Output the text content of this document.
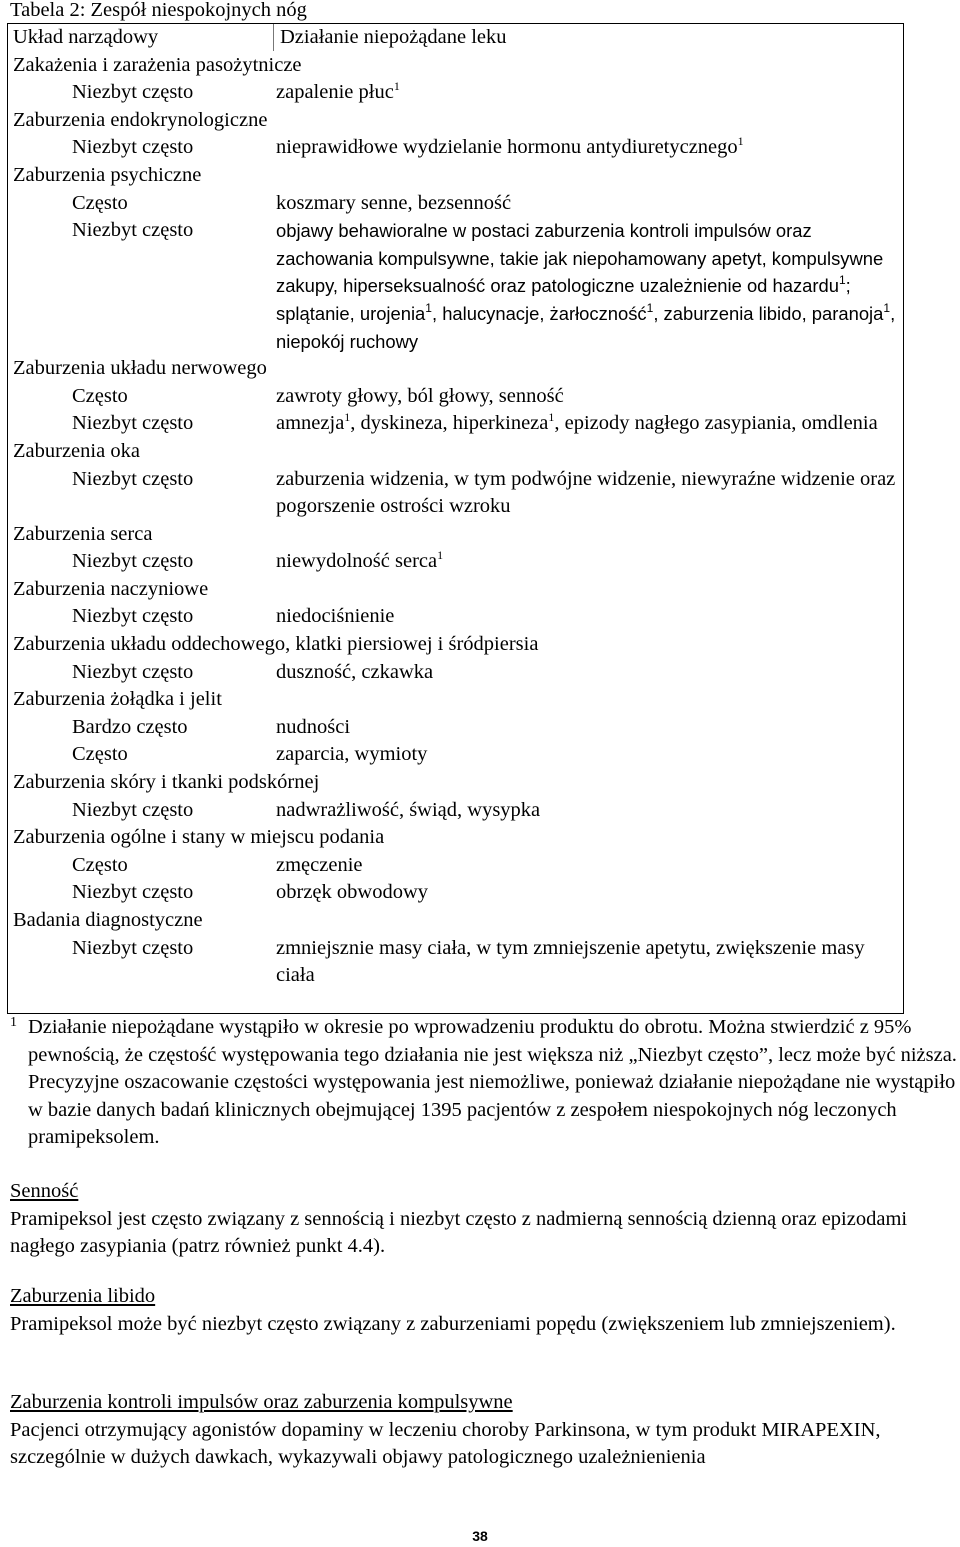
Tabela 2: Zespół niespokojnych nóg
Układ narządowy	Działanie niepożądane leku
Zakażenia i zarażenia pasożytnicze
Niezbyt często	zapalenie płuc$^1$
Zaburzenia endokrynologiczne
Niezbyt często	nieprawidłowe wydzielanie hormonu antydiuretycznego$^1$
Zaburzenia psychiczne
Często	koszmary senne, bezsenność
Niezbyt często	objawy behawioralne w postaci zaburzenia kontroli impulsów oraz zachowania kompulsywne, takie jak niepohamowany apetyt, kompulsywne zakupy, hiperseksualność oraz patologiczne uzależnienie od hazardu$^1$; splątanie, urojenia$^1$, halucynacje, żarłoczność$^1$, zaburzenia libido, paranoja$^1$, niepokój ruchowy
Zaburzenia układu nerwowego
Często	zawroty głowy, ból głowy, senność
Niezbyt często	amnezja$^1$, dyskineza, hiperkineza$^1$, epizody nagłego zasypiania, omdlenia
Zaburzenia oka
Niezbyt często	zaburzenia widzenia, w tym podwójne widzenie, niewyraźne widzenie oraz pogorszenie ostrości wzroku
Zaburzenia serca
Niezbyt często	niewydolność serca$^1$
Zaburzenia naczyniowe
Niezbyt często	niedociśnienie
Zaburzenia układu oddechowego, klatki piersiowej i śródpiersia
Niezbyt często	duszność, czkawka
Zaburzenia żołądka i jelit
Bardzo często	nudności
Często	zaparcia, wymioty
Zaburzenia skóry i tkanki podskórnej
Niezbyt często	nadwrażliwość, świąd, wysypka
Zaburzenia ogólne i stany w miejscu podania
Często	zmęczenie
Niezbyt często	obrzęk obwodowy
Badania diagnostyczne
Niezbyt często	zmniejsznie masy ciała, w tym zmniejszenie apetytu, zwiększenie masy ciała
1 Działanie niepożądane wystąpiło w okresie po wprowadzeniu produktu do obrotu. Można stwierdzić z 95% pewnością, że częstość występowania tego działania nie jest większa niż „Niezbyt często”, lecz może być niższa. Precyzyjne oszacowanie częstości występowania jest niemożliwe, ponieważ działanie niepożądane nie wystąpiło w bazie danych badań klinicznych obejmującej 1395 pacjentów z zespołem niespokojnych nóg leczonych pramipeksolem.
Senność
Pramipeksol jest często związany z sennością i niezbyt często z nadmierną sennością dzienną oraz epizodami nagłego zasypiania (patrz również punkt 4.4).
Zaburzenia libido
Pramipeksol może być niezbyt często związany z zaburzeniami popędu (zwiększeniem lub zmniejszeniem).
Zaburzenia kontroli impulsów oraz zaburzenia kompulsywne
Pacjenci otrzymujący agonistów dopaminy w leczeniu choroby Parkinsona, w tym produkt MIRAPEXIN, szczególnie w dużych dawkach, wykazywali objawy patologicznego uzależnienienia
38
